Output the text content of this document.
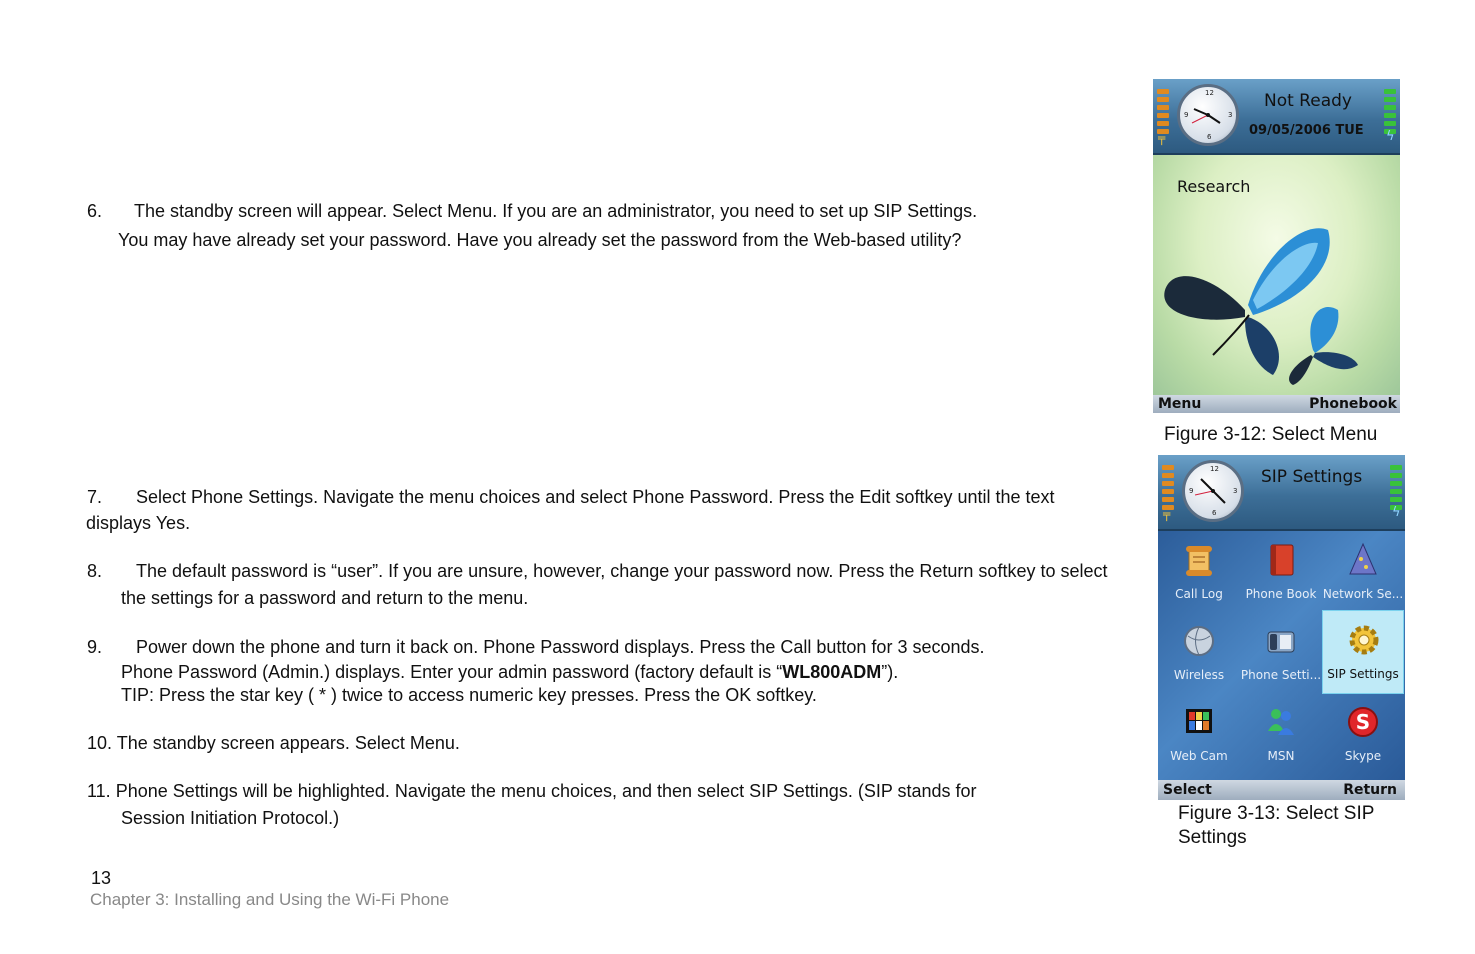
6. The standby screen will appear. Select Menu. If you are an administrator, you need to set up SIP Settings.
You may have already set your password. Have you already set the password from the Web-based utility?
7. Select Phone Settings. Navigate the menu choices and select Phone Password. Press the Edit softkey until the text
displays Yes.
8. The default password is “user”. If you are unsure, however, change your password now. Press the Return softkey to select
the settings for a password and return to the menu.
9. Power down the phone and turn it back on. Phone Password displays. Press the Call button for 3 seconds.
Phone Password (Admin.) displays. Enter your admin password (factory default is “WL800ADM”).
TIP: Press the star key ( * ) twice to access numeric key presses. Press the OK softkey.
10. The standby screen appears. Select Menu.
11. Phone Settings will be highlighted. Navigate the menu choices, and then select SIP Settings. (SIP stands for
Session Initiation Protocol.)
13
Chapter 3: Installing and Using the Wi-Fi Phone
╤	ϟ
12
3
6
9
Not Ready
09/05/2006 TUE
Research
Menu	Phonebook
Figure 3-12: Select Menu
╤	ϟ
12
3
6
9
SIP Settings
Call Log	Phone Book Network Se...
Wireless	Phone Setti... SIP Settings
Web Cam	MSN
S
Skype
Select	Return
Figure 3-13: Select SIP
Settings
